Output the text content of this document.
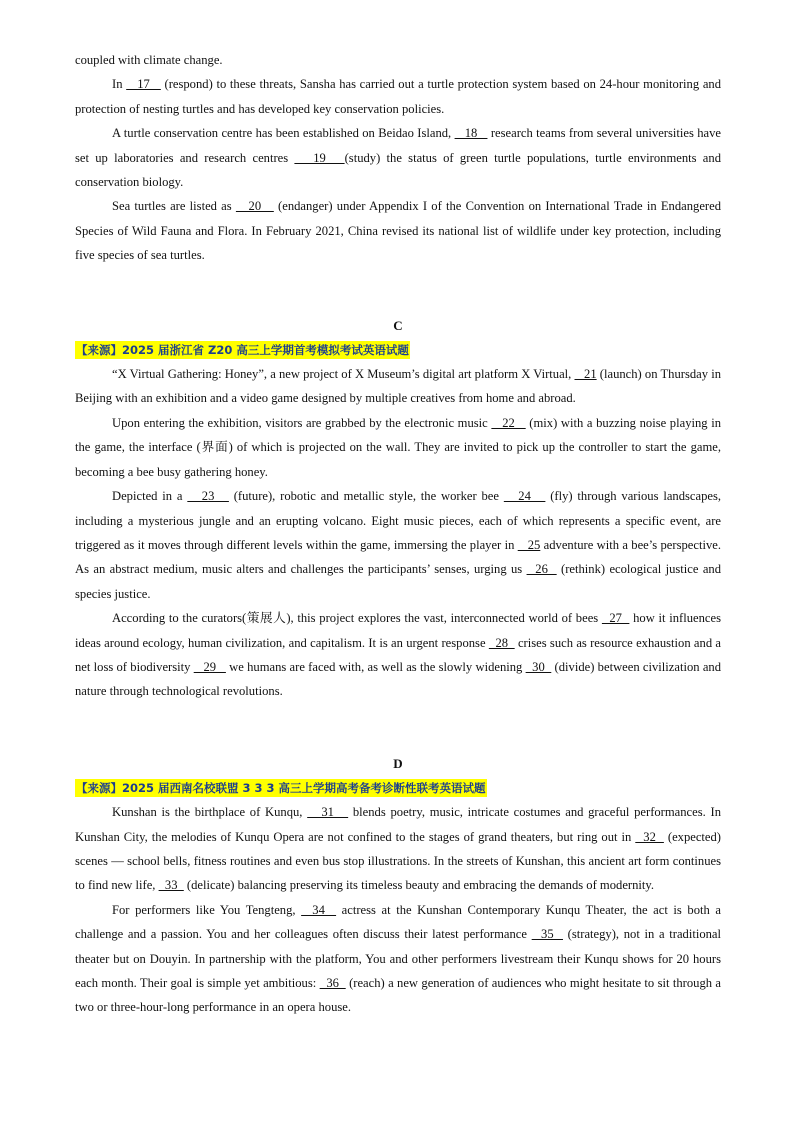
coupled with climate change.

In    17    (respond) to these threats, Sansha has carried out a turtle protection system based on 24-hour monitoring and protection of nesting turtles and has developed key conservation policies.

A turtle conservation centre has been established on Beidao Island,    18    research teams from several universities have set up laboratories and research centres    19   (study) the status of green turtle populations, turtle environments and conservation biology.

Sea turtles are listed as    20    (endanger) under Appendix I of the Convention on International Trade in Endangered Species of Wild Fauna and Flora. In February 2021, China revised its national list of wildlife under key protection, including five species of sea turtles.

C

【来源】2025 届浙江省 Z20 高三上学期首考模拟考试英语试题

“X Virtual Gathering: Honey”, a new project of X Museum’s digital art platform X Virtual,    21 (launch) on Thursday in Beijing with an exhibition and a video game designed by multiple creatives from home and abroad.

Upon entering the exhibition, visitors are grabbed by the electronic music    22    (mix) with a buzzing noise playing in the game, the interface (界面) of which is projected on the wall. They are invited to pick up the controller to start the game, becoming a bee busy gathering honey.

Depicted in a    23    (future), robotic and metallic style, the worker bee    24    (fly) through various landscapes, including a mysterious jungle and an erupting volcano. Eight music pieces, each of which represents a specific event, are triggered as it moves through different levels within the game, immersing the player in    25 adventure with a bee’s perspective. As an abstract medium, music alters and challenges the participants’ senses, urging us   26   (rethink) ecological justice and species justice.

According to the curators(策展人), this project explores the vast, interconnected world of bees   27   how it influences ideas around ecology, human civilization, and capitalism. It is an urgent response   28   crises such as resource exhaustion and a net loss of biodiversity    29    we humans are faced with, as well as the slowly widening   30   (divide) between civilization and nature through technological revolutions.

D

【来源】2025 届西南名校联盟 3 3 3 高三上学期高考备考诊断性联考英语试题

Kunshan is the birthplace of Kunqu,    31    blends poetry, music, intricate costumes and graceful performances. In Kunshan City, the melodies of Kunqu Opera are not confined to the stages of grand theaters, but ring out in   32   (expected) scenes — school bells, fitness routines and even bus stop illustrations. In the streets of Kunshan, this ancient art form continues to find new life,   33   (delicate) balancing preserving its timeless beauty and embracing the demands of modernity.

For performers like You Tengteng,   34   actress at the Kunshan Contemporary Kunqu Theater, the act is both a challenge and a passion. You and her colleagues often discuss their latest performance   35   (strategy), not in a traditional theater but on Douyin. In partnership with the platform, You and other performers livestream their Kunqu shows for 20 hours each month. Their goal is simple yet ambitious:   36   (reach) a new generation of audiences who might hesitate to sit through a two or three-hour-long performance in an opera house.
